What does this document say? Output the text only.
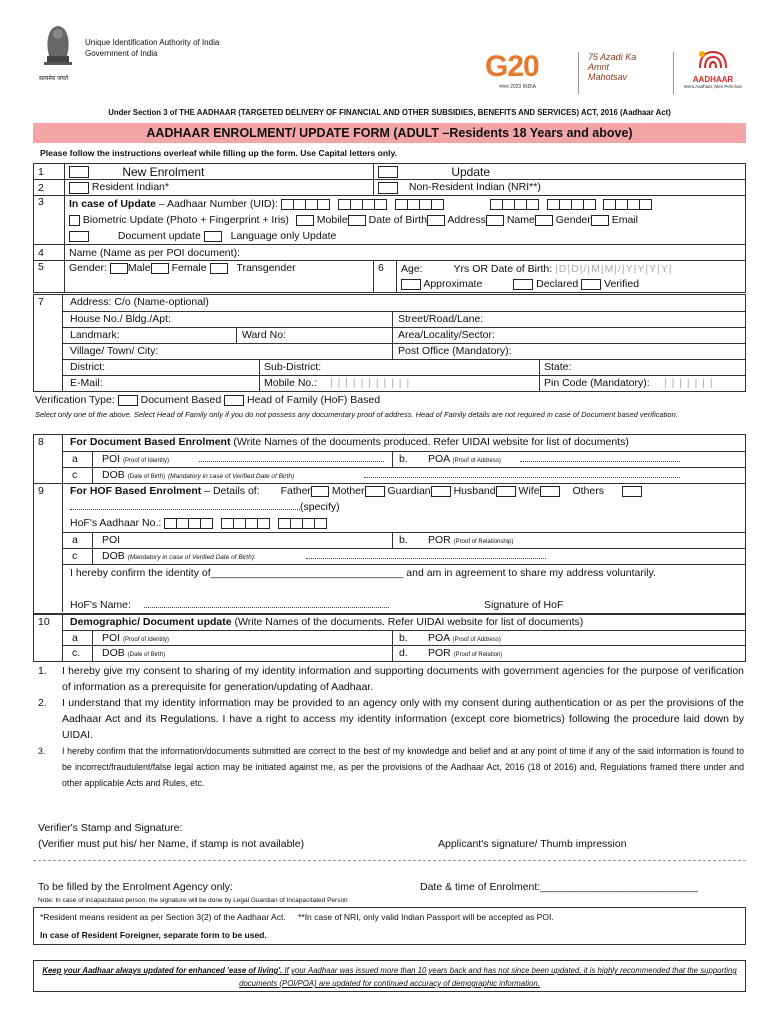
सत्यमेव जयते
Unique Identification Authority of India
Government of India	G20
भारत 2023 INDIA
75 Azadi Ka Amrit Mahotsav	AADHAAR
Mera Aadhaar, Meri Pehchan
Under Section 3 of THE AADHAAR (TARGETED DELIVERY OF FINANCIAL AND OTHER SUBSIDIES, BENEFITS AND SERVICES) ACT, 2016 (Aadhaar Act)
AADHAAR ENROLMENT/ UPDATE FORM (ADULT –Residents 18 Years and above)
Please follow the instructions overleaf while filling up the form. Use Capital letters only.
1	New Enrolment	Update	
2	Resident Indian*	Non-Resident Indian (NRI**)	
3	In case of Update – Aadhaar Number (UID):
Biometric Update (Photo + Fingerprint + Iris) Mobile Date of Birth Address Name Gender Email
Document update Language only Update		

4	Name (Name as per POI document):		
5	Gender: Male Female Transgender	6	Age: Yrs OR Date of Birth: |D|D|/|M|M|/|Y|Y|Y|Y|
Approximate Declared Verified
7 Address: C/o (Name-optional)
House No./ Bldg./Apt:	Street/Road/Lane:
Landmark:	Ward No:	Area/Locality/Sector:
Village/ Town/ City:	Post Office (Mandatory):
District:	Sub-District:	State:
E-Mail:	Mobile No.: | | | | | | | | | | |	Pin Code (Mandatory): | | | | | | |
Verification Type: Document Based Head of Family (HoF) Based
Select only one of the above. Select Head of Family only if you do not possess any documentary proof of address. Head of Family details are not required in case of Document based verification.
8 For Document Based Enrolment (Write Names of the documents produced. Refer UIDAI website for list of documents)
a POI (Proof of Identity)	b. POA (Proof of Address)
c DOB (Date of Birth) (Mandatory in case of Verified Date of Birth)
9 For HOF Based Enrolment – Details of: Father Mother Guardian Husband Wife	Others
(specify)
HoF's Aadhaar No.:
a POI	b. POR (Proof of Relationship)
c DOB (Mandatory in case of Verified Date of Birth):
I hereby confirm the identity of_________________________________ and am in agreement to share my address voluntarily.
HoF's Name:	Signature of HoF
10 Demographic/ Document update (Write Names of the documents. Refer UIDAI website for list of documents)
a POI (Proof of Identity)	b. POA (Proof of Address)
c. DOB (Date of Birth)	d. POR (Proof of Relation)
1.	I hereby give my consent to sharing of my identity information and supporting documents with government agencies for the purpose of verification of information as a prerequisite for generation/updating of Aadhaar.
2.	I understand that my identity information may be provided to an agency only with my consent during authentication or as per the provisions of the Aadhaar Act and its Regulations. I have a right to access my identity information (except core biometrics) following the procedure laid down by UIDAI.
3.	I hereby confirm that the information/documents submitted are correct to the best of my knowledge and belief and at any point of time if any of the said information is found to be incorrect/fraudulent/false legal action may be initiated against me, as per the provisions of the Aadhaar Act, 2016 (18 of 2016) and, Regulations framed there under and other applicable Acts and Rules, etc.
Verifier's Stamp and Signature:
(Verifier must put his/ her Name, if stamp is not available)	Applicant's signature/ Thumb impression
To be filled by the Enrolment Agency only:	Date & time of Enrolment:___________________________
Note: In case of incapacitated person, the signature will be done by Legal Guardian of Incapacitated Person
*Resident means resident as per Section 3(2) of the Aadhaar Act. **In case of NRI, only valid Indian Passport will be accepted as POI.
In case of Resident Foreigner, separate form to be used.
Keep your Aadhaar always updated for enhanced 'ease of living'. If your Aadhaar was issued more than 10 years back and has not since been updated, it is highly recommended that the supporting documents (POI/POA) are updated for continued accuracy of demographic information.
